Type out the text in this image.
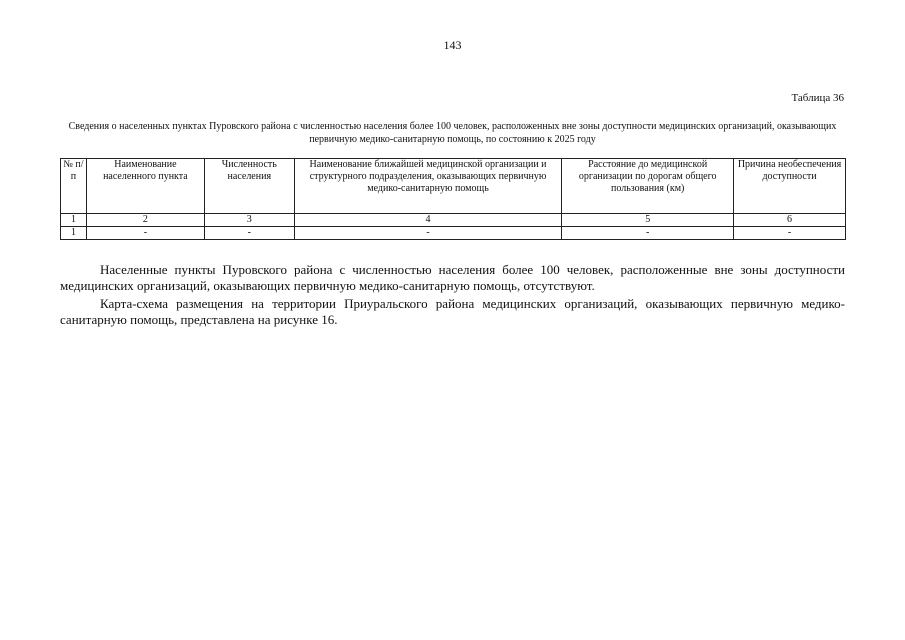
143
Таблица 36
Сведения о населенных пунктах Пуровского района с численностью населения более 100 человек, расположенных вне зоны доступности медицинских организаций, оказывающих первичную медико-санитарную помощь, по состоянию к 2025 году
№ п/п	Наименование населенного пункта	Численность населения	Наименование ближайшей медицинской организации и структурного подразделения, оказывающих первичную медико-санитарную помощь	Расстояние до медицинской организации по дорогам общего пользования (км)	Причина необеспечения доступности
1	2	3	4	5	6
1	-	-	-	-	-

Населенные пункты Пуровского района с численностью населения более 100 человек, расположенные вне зоны доступности медицинских организаций, оказывающих первичную медико-санитарную помощь, отсутствуют.

Карта-схема размещения на территории Приуральского района медицинских организаций, оказывающих первичную медико-санитарную помощь, представлена на рисунке 16.
